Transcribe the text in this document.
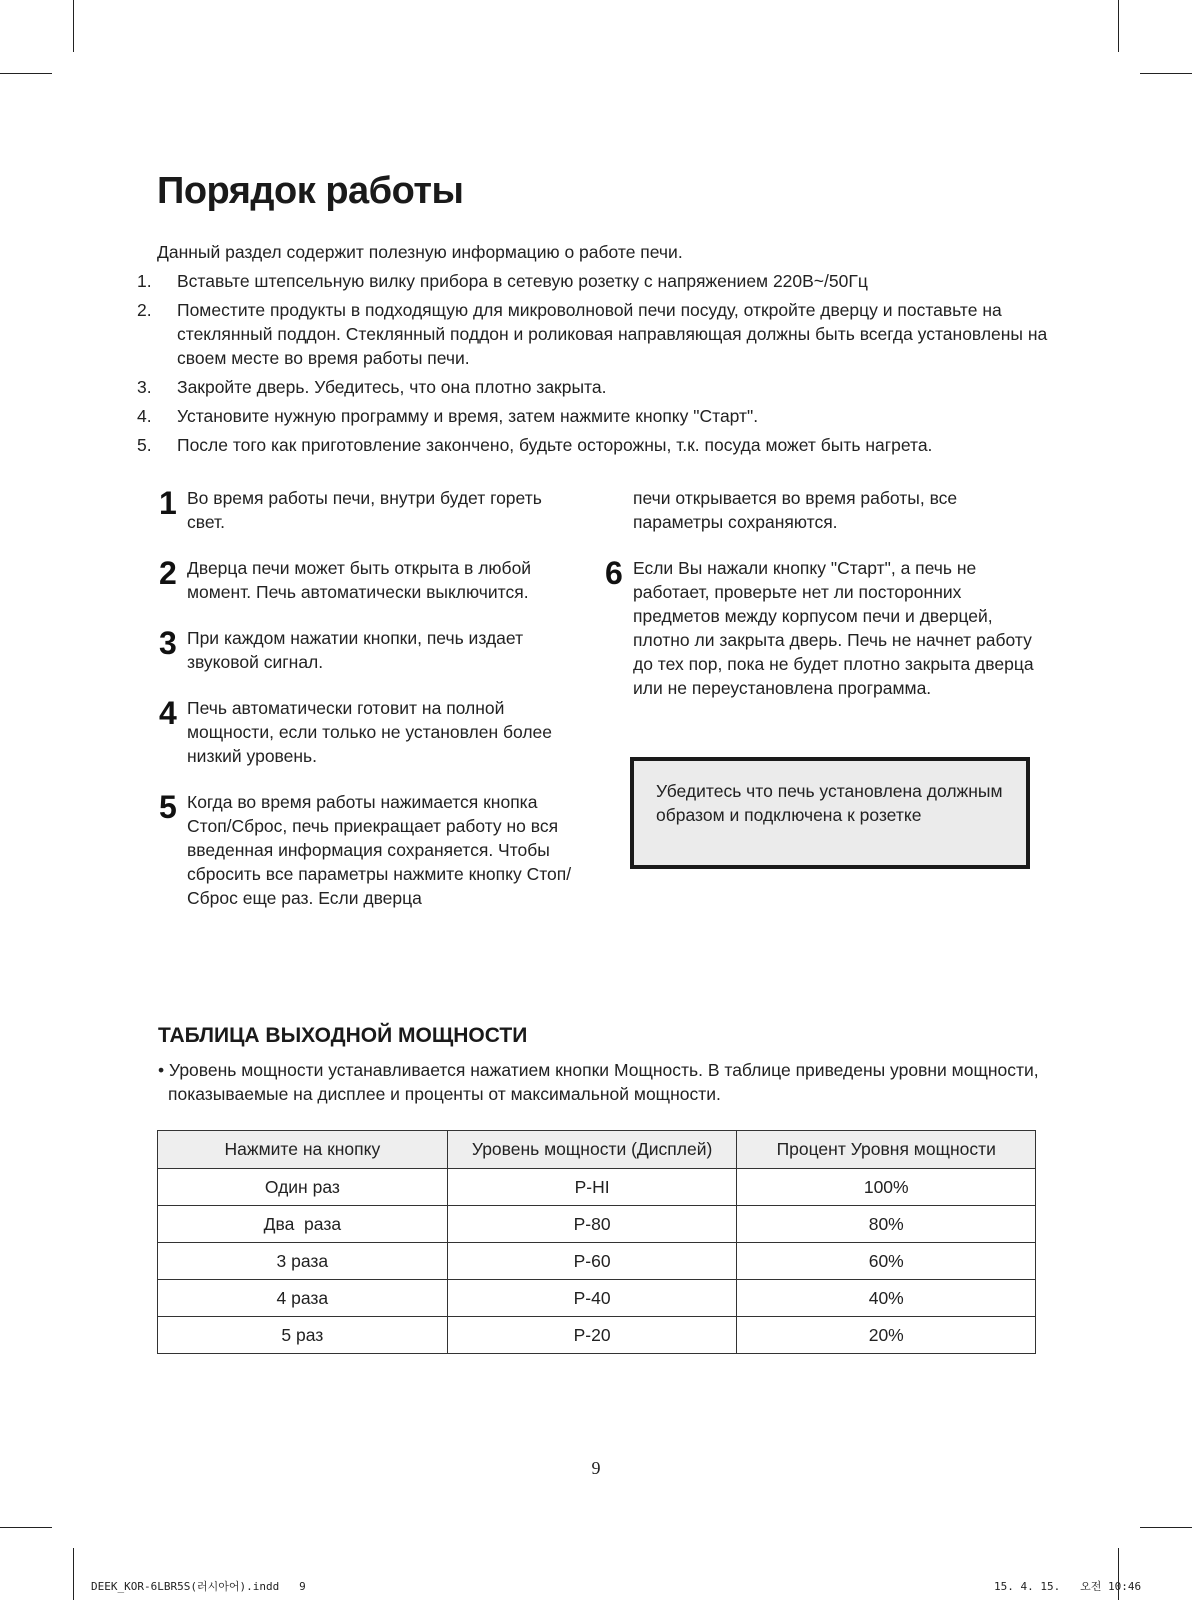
Порядок работы

Данный раздел содержит полезную информацию о работе печи.

1. Вставьте штепсельную вилку прибора в сетевую розетку с напряжением 220В~/50Гц

2. Поместите продукты в подходящую для микроволновой печи посуду, откройте дверцу и поставьте на стеклянный поддон. Стеклянный поддон и роликовая направляющая должны быть всегда установлены на своем месте во время работы печи.

3. Закройте дверь. Убедитесь, что она плотно закрыта.

4. Установите нужную программу и время, затем нажмите кнопку "Старт".

5. После того как приготовление закончено, будьте осторожны, т.к. посуда может быть нагрета.

1 Во время работы печи, внутри будет гореть свет.
2 Дверца печи может быть открыта в любой момент. Печь автоматически выключится.
3 При каждом нажатии кнопки, печь издает звуковой сигнал.
4 Печь автоматически готовит на полной мощности, если только не установлен более низкий уровень.
5 Когда во время работы нажимается кнопка Стоп/Сброс, печь приекращает работу но вся введенная информация сохраняется. Чтобы сбросить все параметры нажмите кнопку Стоп/Сброс еще раз. Если дверца
печи открывается во время работы, все параметры сохраняются.
6 Если Вы нажали кнопку "Старт", а печь не работает, проверьте нет ли посторонних предметов между корпусом печи и дверцей, плотно ли закрыта дверь. Печь не начнет работу до тех пор, пока не будет плотно закрыта дверца или не переустановлена программа.
Убедитесь что печь установлена должным образом и подключена к розетке
ТАБЛИЦА ВЫХОДНОЙ МОЩНОСТИ
• Уровень мощности устанавливается нажатием кнопки Мощность. В таблице приведены уровни мощности, показываемые на дисплее и проценты от максимальной мощности.
Нажмите на кнопку	Уровень мощности (Дисплей)	Процент Уровня мощности
Один раз	P-HI	100%
Два  раза	P-80	80%
3 раза	P-60	60%
4 раза	P-40	40%
5 раз	P-20	20%
9
DEEK_KOR-6LBR5S(러시아어).indd   9	15. 4. 15.   오전 10:46
